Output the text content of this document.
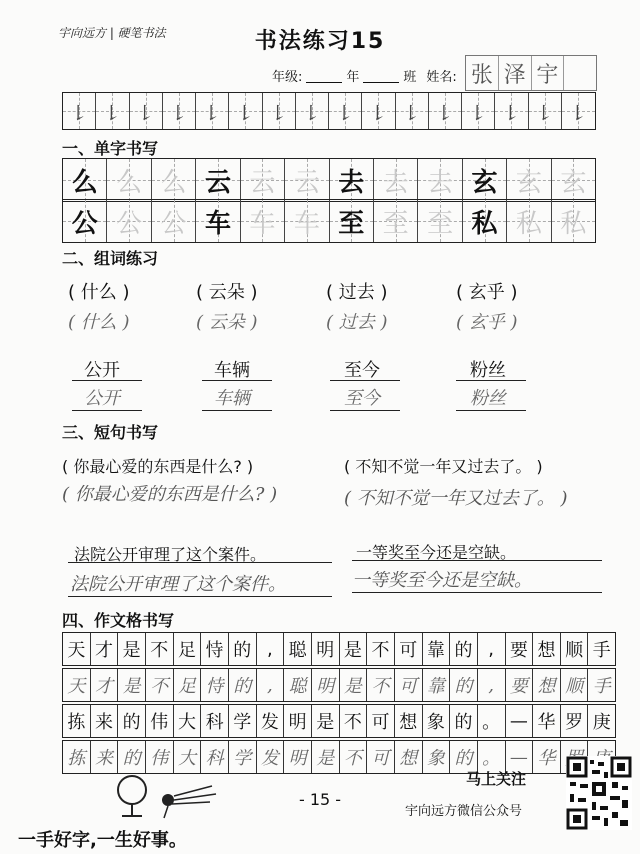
宇向远方 | 硬笔书法	书法练习15
年级:	年	班 姓名: 张 泽 宇
㇙ ㇙ ㇙ ㇙ ㇙ ㇙ ㇙ ㇙ ㇙ ㇙ ㇙ ㇙ ㇙ ㇙ ㇙ ㇙
一、单字书写
么 么 么 云 云 云 去 去 去 玄 玄 玄
公 公 公 车 车 车 至 至 至 私 私 私
二、组词练习
( 什么 )	( 云朵 )	( 过去 )	( 玄乎 )
( 什么 )	( 云朵 )	( 过去 )	( 玄乎 )
公开	车辆	至今	粉丝
公开	车辆	至今	粉丝
三、短句书写
( 你最心爱的东西是什么? )	( 不知不觉一年又过去了。 )
( 你最心爱的东西是什么? )	( 不知不觉一年又过去了。 )
法院公开审理了这个案件。	一等奖至今还是空缺。
法院公开审理了这个案件。	一等奖至今还是空缺。
四、作文格书写
天 才 是 不 足 恃 的 , 聪 明 是 不 可 靠 的 , 要 想 顺 手
天 才 是 不 足 恃 的 , 聪 明 是 不 可 靠 的 , 要 想 顺 手
拣 来 的 伟 大 科 学 发 明 是 不 可 想 象 的 。 — 华 罗 庚
拣 来 的 伟 大 科 学 发 明 是 不 可 想 象 的 。 — 华
- 15 -
马上关注
宇向远方微信公众号
一手好字,一生好事。
